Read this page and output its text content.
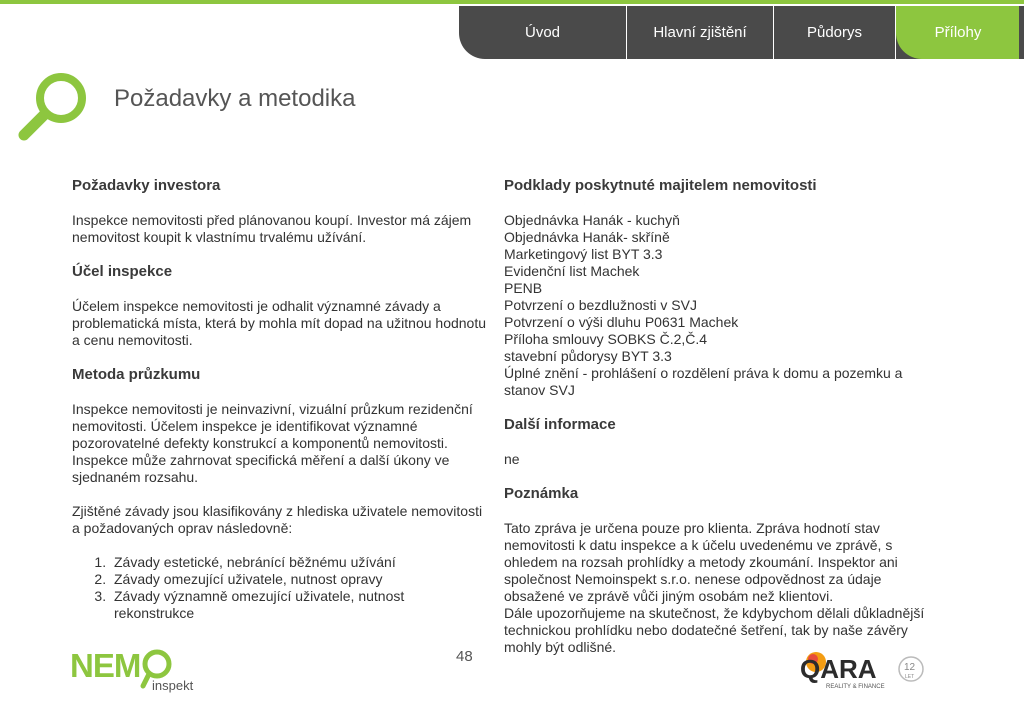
Úvod	Hlavní zjištění	Půdorys	Přílohy
Požadavky a metodika
Požadavky investora

Inspekce nemovitosti před plánovanou koupí. Investor má zájem nemovitost koupit k vlastnímu trvalému užívání.

Účel inspekce

Účelem inspekce nemovitosti je odhalit významné závady a problematická místa, která by mohla mít dopad na užitnou hodnotu a cenu nemovitosti.

Metoda průzkumu

Inspekce nemovitosti je neinvazivní, vizuální průzkum rezidenční nemovitosti. Účelem inspekce je identifikovat významné pozorovatelné defekty konstrukcí a komponentů nemovitosti. Inspekce může zahrnovat specifická měření a další úkony ve sjednaném rozsahu.

Zjištěné závady jsou klasifikovány z hlediska uživatele nemovitosti a požadovaných oprav následovně:

1. Závady estetické, nebránící běžnému užívání
2. Závady omezující uživatele, nutnost opravy
3. Závady významně omezující uživatele, nutnost rekonstrukce
Podklady poskytnuté majitelem nemovitosti
Objednávka Hanák - kuchyň
Objednávka Hanák- skříně
Marketingový list BYT 3.3
Evidenční list Machek
PENB
Potvrzení o bezdlužnosti v SVJ
Potvrzení o výši dluhu P0631 Machek
Příloha smlouvy SOBKS Č.2,Č.4
stavební půdorysy BYT 3.3
Úplné znění - prohlášení o rozdělení práva k domu a pozemku a stanov SVJ
Další informace

ne

Poznámka

Tato zpráva je určena pouze pro klienta. Zpráva hodnotí stav nemovitosti k datu inspekce a k účelu uvedenému ve zprávě, s ohledem na rozsah prohlídky a metody zkoumání. Inspektor ani společnost Nemoinspekt s.r.o. nenese odpovědnost za údaje obsažené ve zprávě vůči jiným osobám než klientovi.

Dále upozorňujeme na skutečnost, že kdybychom dělali důkladnější technickou prohlídku nebo dodatečné šetření, tak by naše závěry mohly být odlišné.

48
NEM
inspekt
QARA
REALITY & FINANCE
12
LET
